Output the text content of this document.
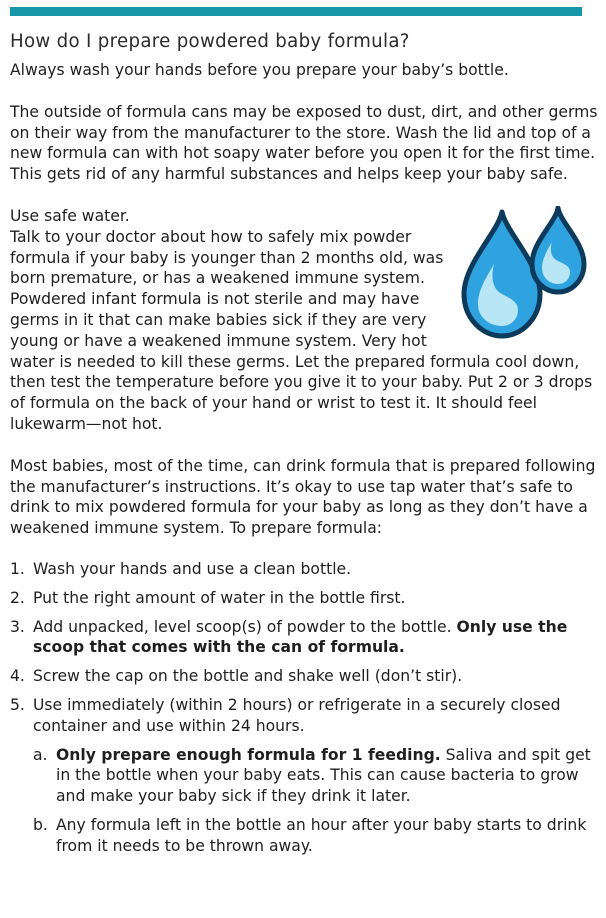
How do I prepare powdered baby formula?

Always wash your hands before you prepare your baby’s bottle.

The outside of formula cans may be exposed to dust, dirt, and other germs on their way from the manufacturer to the store. Wash the lid and top of a new formula can with hot soapy water before you open it for the first time. This gets rid of any harmful substances and helps keep your baby safe.

Use safe water.

Talk to your doctor about how to safely mix powder formula if your baby is younger than 2 months old, was born premature, or has a weakened immune system. Powdered infant formula is not sterile and may have germs in it that can make babies sick if they are very young or have a weakened immune system. Very hot water is needed to kill these germs. Let the prepared formula cool down, then test the temperature before you give it to your baby. Put 2 or 3 drops of formula on the back of your hand or wrist to test it. It should feel lukewarm—not hot.

Most babies, most of the time, can drink formula that is prepared following the manufacturer’s instructions. It’s okay to use tap water that’s safe to drink to mix powdered formula for your baby as long as they don’t have a weakened immune system. To prepare formula:

1. Wash your hands and use a clean bottle.
2. Put the right amount of water in the bottle first.
3. Add unpacked, level scoop(s) of powder to the bottle. Only use the scoop that comes with the can of formula.
4. Screw the cap on the bottle and shake well (don’t stir).
5. Use immediately (within 2 hours) or refrigerate in a securely closed container and use within 24 hours.
a. Only prepare enough formula for 1 feeding. Saliva and spit get in the bottle when your baby eats. This can cause bacteria to grow and make your baby sick if they drink it later.
b. Any formula left in the bottle an hour after your baby starts to drink from it needs to be thrown away.
